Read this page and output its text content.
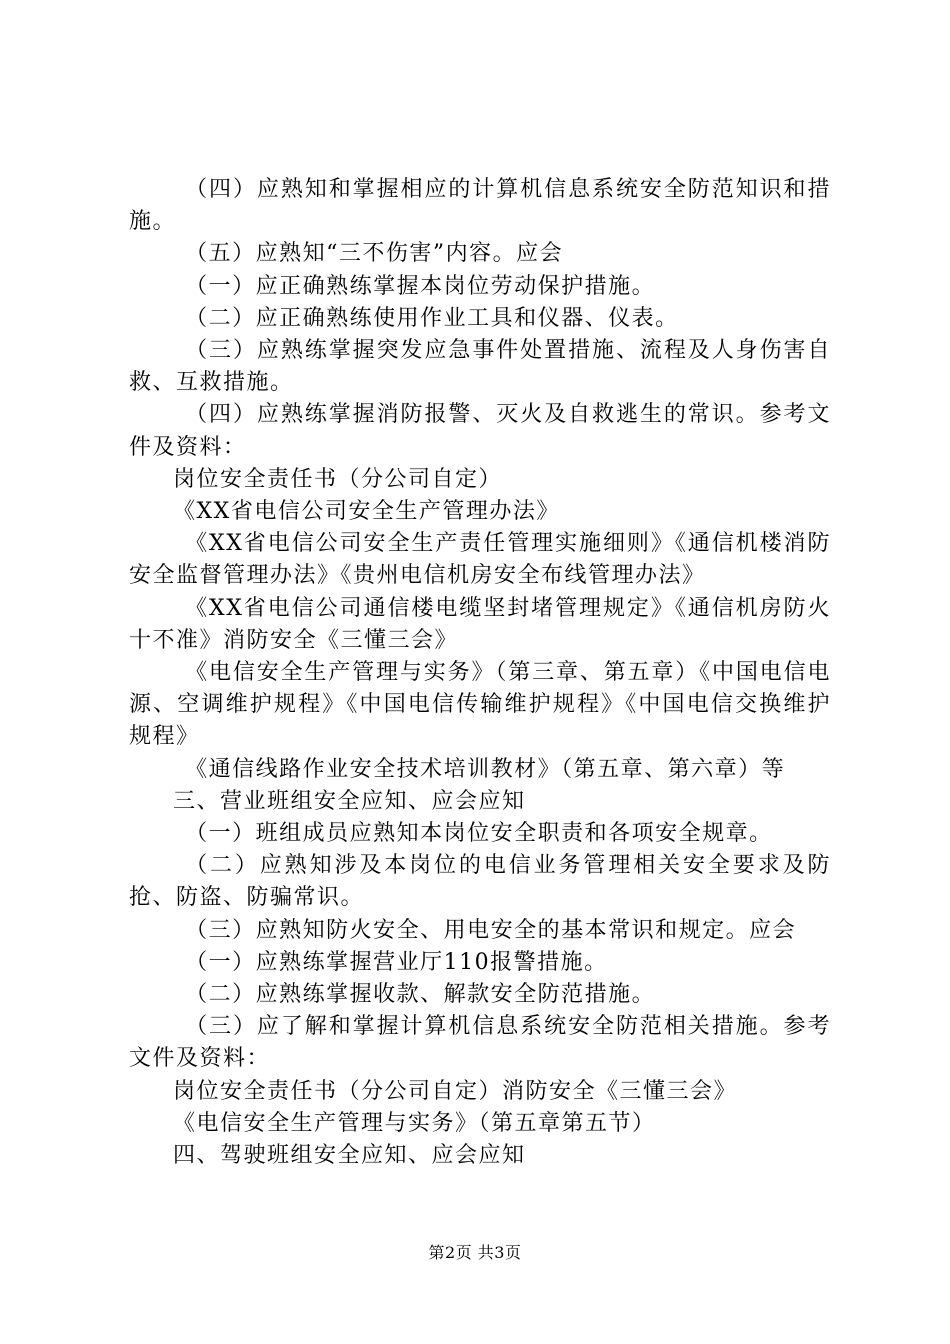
（四）应熟知和掌握相应的计算机信息系统安全防范知识和措施。

（五）应熟知“三不伤害”内容。应会

（一）应正确熟练掌握本岗位劳动保护措施。

（二）应正确熟练使用作业工具和仪器、仪表。

（三）应熟练掌握突发应急事件处置措施、流程及人身伤害自救、互救措施。

（四）应熟练掌握消防报警、灭火及自救逃生的常识。参考文件及资料：

岗位安全责任书（分公司自定）

《XX省电信公司安全生产管理办法》

《XX省电信公司安全生产责任管理实施细则》《通信机楼消防安全监督管理办法》《贵州电信机房安全布线管理办法》

《XX省电信公司通信楼电缆坚封堵管理规定》《通信机房防火十不准》消防安全《三懂三会》

《电信安全生产管理与实务》（第三章、第五章）《中国电信电源、空调维护规程》《中国电信传输维护规程》《中国电信交换维护规程》

《通信线路作业安全技术培训教材》（第五章、第六章）等

三、营业班组安全应知、应会应知

（一）班组成员应熟知本岗位安全职责和各项安全规章。

（二）应熟知涉及本岗位的电信业务管理相关安全要求及防抢、防盗、防骗常识。

（三）应熟知防火安全、用电安全的基本常识和规定。应会

（一）应熟练掌握营业厅110报警措施。

（二）应熟练掌握收款、解款安全防范措施。

（三）应了解和掌握计算机信息系统安全防范相关措施。参考文件及资料：

岗位安全责任书（分公司自定）消防安全《三懂三会》

《电信安全生产管理与实务》（第五章第五节）

四、驾驶班组安全应知、应会应知

第2页 共3页
